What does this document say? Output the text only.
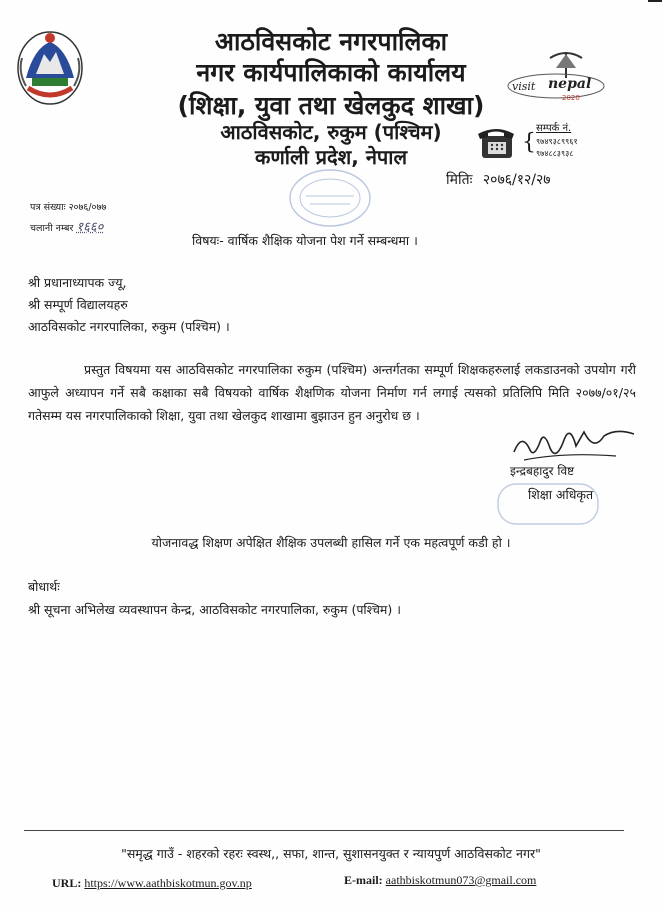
आठविसकोट नगरपालिका
नगर कार्यपालिकाको कार्यालय
(शिक्षा, युवा तथा खेलकुद शाखा)
आठविसकोट, रुकुम (पश्चिम)
कर्णाली प्रदेश, नेपाल
visit nepal
2020
सम्पर्क नं.
{ ९७४९३८९९६१
९७४८८३९३८
मितिः २०७६/१२/२७
पत्र संख्याः २०७६/०७७
चलानी नम्बर १६६०
विषयः- वार्षिक शैक्षिक योजना पेश गर्ने सम्बन्धमा ।
श्री प्रधानाध्यापक ज्यू,
श्री सम्पूर्ण विद्यालयहरु
आठविसकोट नगरपालिका, रुकुम (पश्चिम) ।
प्रस्तुत विषयमा यस आठविसकोट नगरपालिका रुकुम (पश्चिम) अन्तर्गतका सम्पूर्ण शिक्षकहरुलाई लकडाउनको उपयोग गरी आफुले अध्यापन गर्ने सबै कक्षाका सबै विषयको वार्षिक शैक्षणिक योजना निर्माण गर्न लगाई त्यसको प्रतिलिपि मिति २०७७/०१/२५ गतेसम्म यस नगरपालिकाको शिक्षा, युवा तथा खेलकुद शाखामा बुझाउन हुन अनुरोध छ ।
इन्द्रबहादुर विष्ट
शिक्षा अधिकृत
योजनावद्ध शिक्षण अपेक्षित शैक्षिक उपलब्धी हासिल गर्ने एक महत्वपूर्ण कडी हो ।
बोधार्थः
श्री सूचना अभिलेख व्यवस्थापन केन्द्र, आठविसकोट नगरपालिका, रुकुम (पश्चिम) ।
"समृद्ध गाउँ - शहरको रहरः स्वस्थ,, सफा, शान्त, सुशासनयुक्त र न्यायपुर्ण आठविसकोट नगर"
URL: https://www.aathbiskotmun.gov.np	E-mail: aathbiskotmun073@gmail.com
